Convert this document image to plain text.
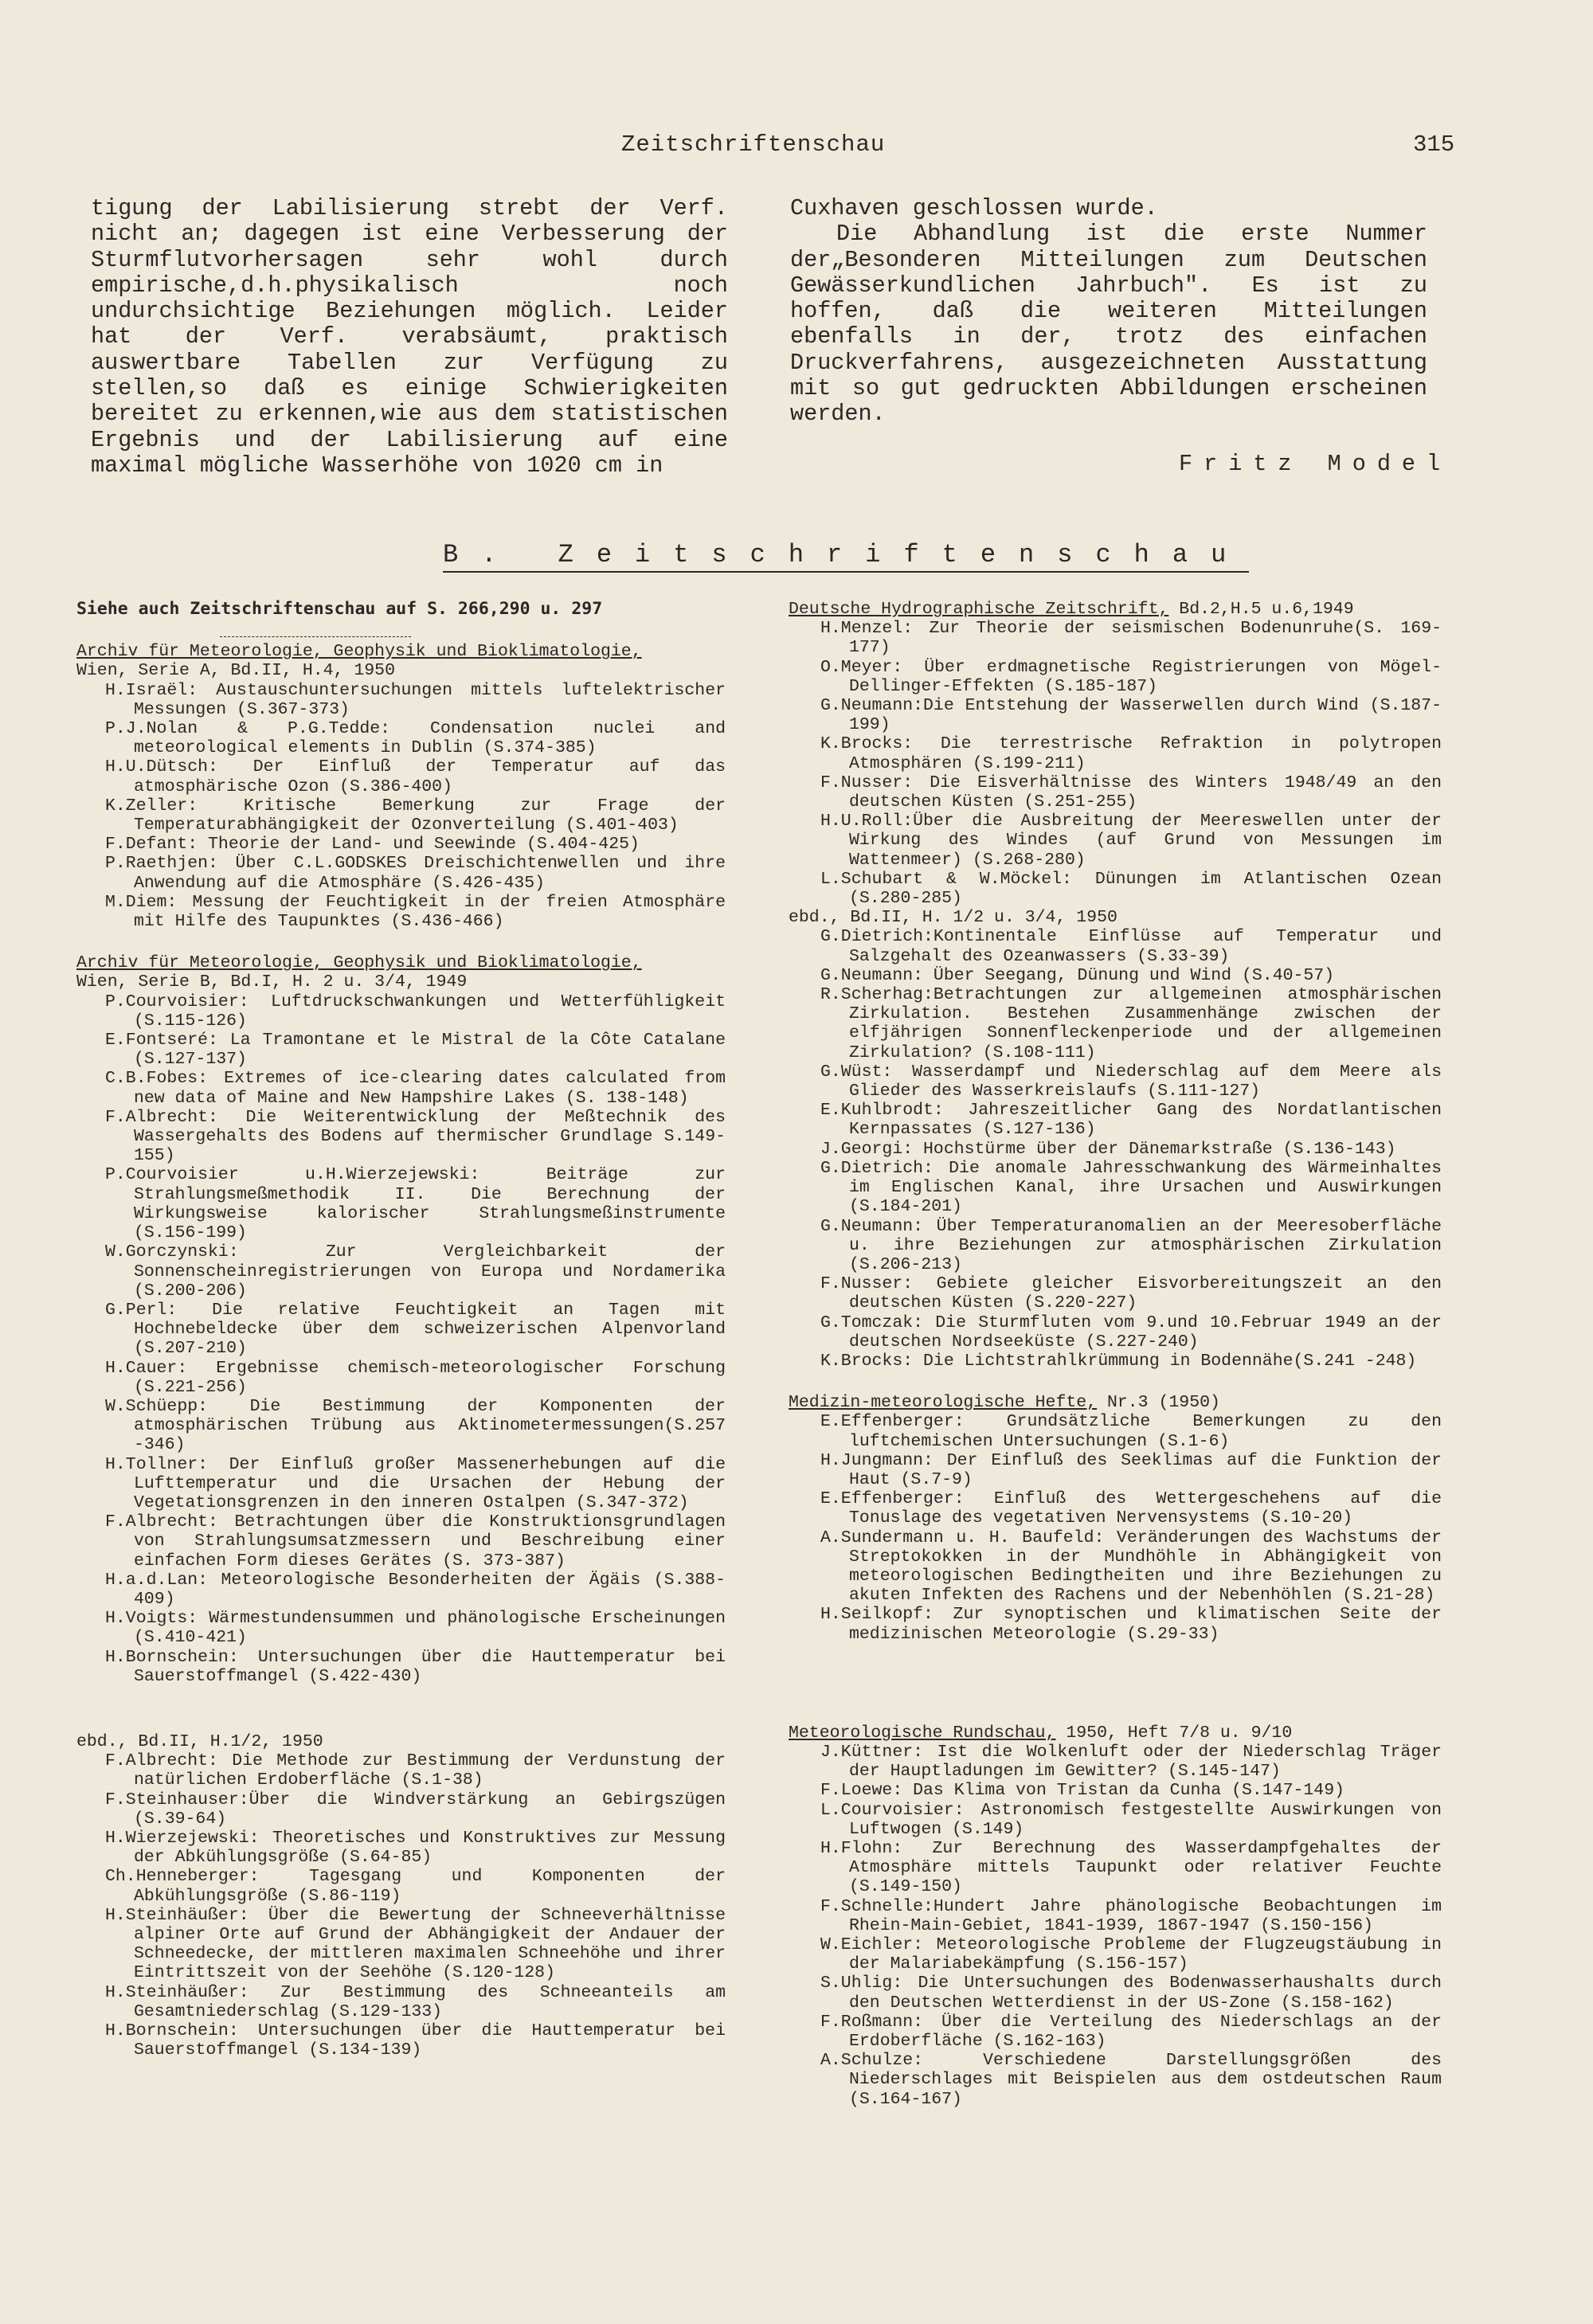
Zeitschriftenschau	315

tigung der Labilisierung strebt der Verf. nicht an; dagegen ist eine Verbesserung der Sturmflutvorhersagen sehr wohl durch empirische,d.h.physikalisch noch undurchsichtige Beziehungen möglich. Leider hat der Verf. verabsäumt, praktisch auswertbare Tabellen zur Verfügung zu stellen,so daß es einige Schwierigkeiten bereitet zu erkennen,wie aus dem statistischen Ergebnis und der Labilisierung auf eine maximal mögliche Wasserhöhe von 1020 cm in

Cuxhaven geschlossen wurde.

Die Abhandlung ist die erste Nummer der„Besonderen Mitteilungen zum Deutschen Gewässerkundlichen Jahrbuch". Es ist zu hoffen, daß die weiteren Mitteilungen ebenfalls in der, trotz des einfachen Druckverfahrens, ausgezeichneten Ausstattung mit so gut gedruckten Abbildungen erscheinen werden.

Fritz Model
B. Zeitschriftenschau
Siehe auch Zeitschriftenschau auf S. 266,290 u. 297

Archiv für Meteorologie, Geophysik und Bioklimatologie,

Wien, Serie A, Bd.II, H.4, 1950

H.Israël: Austauschuntersuchungen mittels luftelektrischer Messungen (S.367-373)
P.J.Nolan & P.G.Tedde: Condensation nuclei and meteorological elements in Dublin (S.374-385)
H.U.Dütsch: Der Einfluß der Temperatur auf das atmosphärische Ozon (S.386-400)
K.Zeller: Kritische Bemerkung zur Frage der Temperaturabhängigkeit der Ozonverteilung (S.401-403)
F.Defant: Theorie der Land- und Seewinde (S.404-425)
P.Raethjen: Über C.L.GODSKES Dreischichtenwellen und ihre Anwendung auf die Atmosphäre (S.426-435)
M.Diem: Messung der Feuchtigkeit in der freien Atmosphäre mit Hilfe des Taupunktes (S.436-466)

Archiv für Meteorologie, Geophysik und Bioklimatologie,

Wien, Serie B, Bd.I, H. 2 u. 3/4, 1949

P.Courvoisier: Luftdruckschwankungen und Wetterfühligkeit (S.115-126)
E.Fontseré: La Tramontane et le Mistral de la Côte Catalane (S.127-137)
C.B.Fobes: Extremes of ice-clearing dates calculated from new data of Maine and New Hampshire Lakes (S. 138-148)
F.Albrecht: Die Weiterentwicklung der Meßtechnik des Wassergehalts des Bodens auf thermischer Grundlage S.149-155)
P.Courvoisier u.H.Wierzejewski: Beiträge zur Strahlungsmeßmethodik II. Die Berechnung der Wirkungsweise kalorischer Strahlungsmeßinstrumente (S.156-199)
W.Gorczynski: Zur Vergleichbarkeit der Sonnenscheinregistrierungen von Europa und Nordamerika (S.200-206)
G.Perl: Die relative Feuchtigkeit an Tagen mit Hochnebeldecke über dem schweizerischen Alpenvorland (S.207-210)
H.Cauer: Ergebnisse chemisch-meteorologischer Forschung (S.221-256)
W.Schüepp: Die Bestimmung der Komponenten der atmosphärischen Trübung aus Aktinometermessungen(S.257 -346)
H.Tollner: Der Einfluß großer Massenerhebungen auf die Lufttemperatur und die Ursachen der Hebung der Vegetationsgrenzen in den inneren Ostalpen (S.347-372)
F.Albrecht: Betrachtungen über die Konstruktionsgrundlagen von Strahlungsumsatzmessern und Beschreibung einer einfachen Form dieses Gerätes (S. 373-387)
H.a.d.Lan: Meteorologische Besonderheiten der Ägäis (S.388-409)
H.Voigts: Wärmestundensummen und phänologische Erscheinungen (S.410-421)
H.Bornschein: Untersuchungen über die Hauttemperatur bei Sauerstoffmangel (S.422-430)

ebd., Bd.II, H.1/2, 1950

F.Albrecht: Die Methode zur Bestimmung der Verdunstung der natürlichen Erdoberfläche (S.1-38)
F.Steinhauser:Über die Windverstärkung an Gebirgszügen (S.39-64)
H.Wierzejewski: Theoretisches und Konstruktives zur Messung der Abkühlungsgröße (S.64-85)
Ch.Henneberger: Tagesgang und Komponenten der Abkühlungsgröße (S.86-119)
H.Steinhäußer: Über die Bewertung der Schneeverhältnisse alpiner Orte auf Grund der Abhängigkeit der Andauer der Schneedecke, der mittleren maximalen Schneehöhe und ihrer Eintrittszeit von der Seehöhe (S.120-128)
H.Steinhäußer: Zur Bestimmung des Schneeanteils am Gesamtniederschlag (S.129-133)
H.Bornschein: Untersuchungen über die Hauttemperatur bei Sauerstoffmangel (S.134-139)

Deutsche Hydrographische Zeitschrift, Bd.2,H.5 u.6,1949

H.Menzel: Zur Theorie der seismischen Bodenunruhe(S. 169-177)
O.Meyer: Über erdmagnetische Registrierungen von Mögel-Dellinger-Effekten (S.185-187)
G.Neumann:Die Entstehung der Wasserwellen durch Wind (S.187-199)
K.Brocks: Die terrestrische Refraktion in polytropen Atmosphären (S.199-211)
F.Nusser: Die Eisverhältnisse des Winters 1948/49 an den deutschen Küsten (S.251-255)
H.U.Roll:Über die Ausbreitung der Meereswellen unter der Wirkung des Windes (auf Grund von Messungen im Wattenmeer) (S.268-280)
L.Schubart & W.Möckel: Dünungen im Atlantischen Ozean (S.280-285)

ebd., Bd.II, H. 1/2 u. 3/4, 1950

G.Dietrich:Kontinentale Einflüsse auf Temperatur und Salzgehalt des Ozeanwassers (S.33-39)
G.Neumann: Über Seegang, Dünung und Wind (S.40-57)
R.Scherhag:Betrachtungen zur allgemeinen atmosphärischen Zirkulation. Bestehen Zusammenhänge zwischen der elfjährigen Sonnenfleckenperiode und der allgemeinen Zirkulation? (S.108-111)
G.Wüst: Wasserdampf und Niederschlag auf dem Meere als Glieder des Wasserkreislaufs (S.111-127)
E.Kuhlbrodt: Jahreszeitlicher Gang des Nordatlantischen Kernpassates (S.127-136)
J.Georgi: Hochstürme über der Dänemarkstraße (S.136-143)
G.Dietrich: Die anomale Jahresschwankung des Wärmeinhaltes im Englischen Kanal, ihre Ursachen und Auswirkungen (S.184-201)
G.Neumann: Über Temperaturanomalien an der Meeresoberfläche u. ihre Beziehungen zur atmosphärischen Zirkulation (S.206-213)
F.Nusser: Gebiete gleicher Eisvorbereitungszeit an den deutschen Küsten (S.220-227)
G.Tomczak: Die Sturmfluten vom 9.und 10.Februar 1949 an der deutschen Nordseeküste (S.227-240)
K.Brocks: Die Lichtstrahlkrümmung in Bodennähe(S.241 -248)

Medizin-meteorologische Hefte, Nr.3 (1950)

E.Effenberger: Grundsätzliche Bemerkungen zu den luftchemischen Untersuchungen (S.1-6)
H.Jungmann: Der Einfluß des Seeklimas auf die Funktion der Haut (S.7-9)
E.Effenberger: Einfluß des Wettergeschehens auf die Tonuslage des vegetativen Nervensystems (S.10-20)
A.Sundermann u. H. Baufeld: Veränderungen des Wachstums der Streptokokken in der Mundhöhle in Abhängigkeit von meteorologischen Bedingtheiten und ihre Beziehungen zu akuten Infekten des Rachens und der Nebenhöhlen (S.21-28)
H.Seilkopf: Zur synoptischen und klimatischen Seite der medizinischen Meteorologie (S.29-33)

Meteorologische Rundschau, 1950, Heft 7/8 u. 9/10

J.Küttner: Ist die Wolkenluft oder der Niederschlag Träger der Hauptladungen im Gewitter? (S.145-147)
F.Loewe: Das Klima von Tristan da Cunha (S.147-149)
L.Courvoisier: Astronomisch festgestellte Auswirkungen von Luftwogen (S.149)
H.Flohn: Zur Berechnung des Wasserdampfgehaltes der Atmosphäre mittels Taupunkt oder relativer Feuchte (S.149-150)
F.Schnelle:Hundert Jahre phänologische Beobachtungen im Rhein-Main-Gebiet, 1841-1939, 1867-1947 (S.150-156)
W.Eichler: Meteorologische Probleme der Flugzeugstäubung in der Malariabekämpfung (S.156-157)
S.Uhlig: Die Untersuchungen des Bodenwasserhaushalts durch den Deutschen Wetterdienst in der US-Zone (S.158-162)
F.Roßmann: Über die Verteilung des Niederschlags an der Erdoberfläche (S.162-163)
A.Schulze: Verschiedene Darstellungsgrößen des Niederschlages mit Beispielen aus dem ostdeutschen Raum (S.164-167)
